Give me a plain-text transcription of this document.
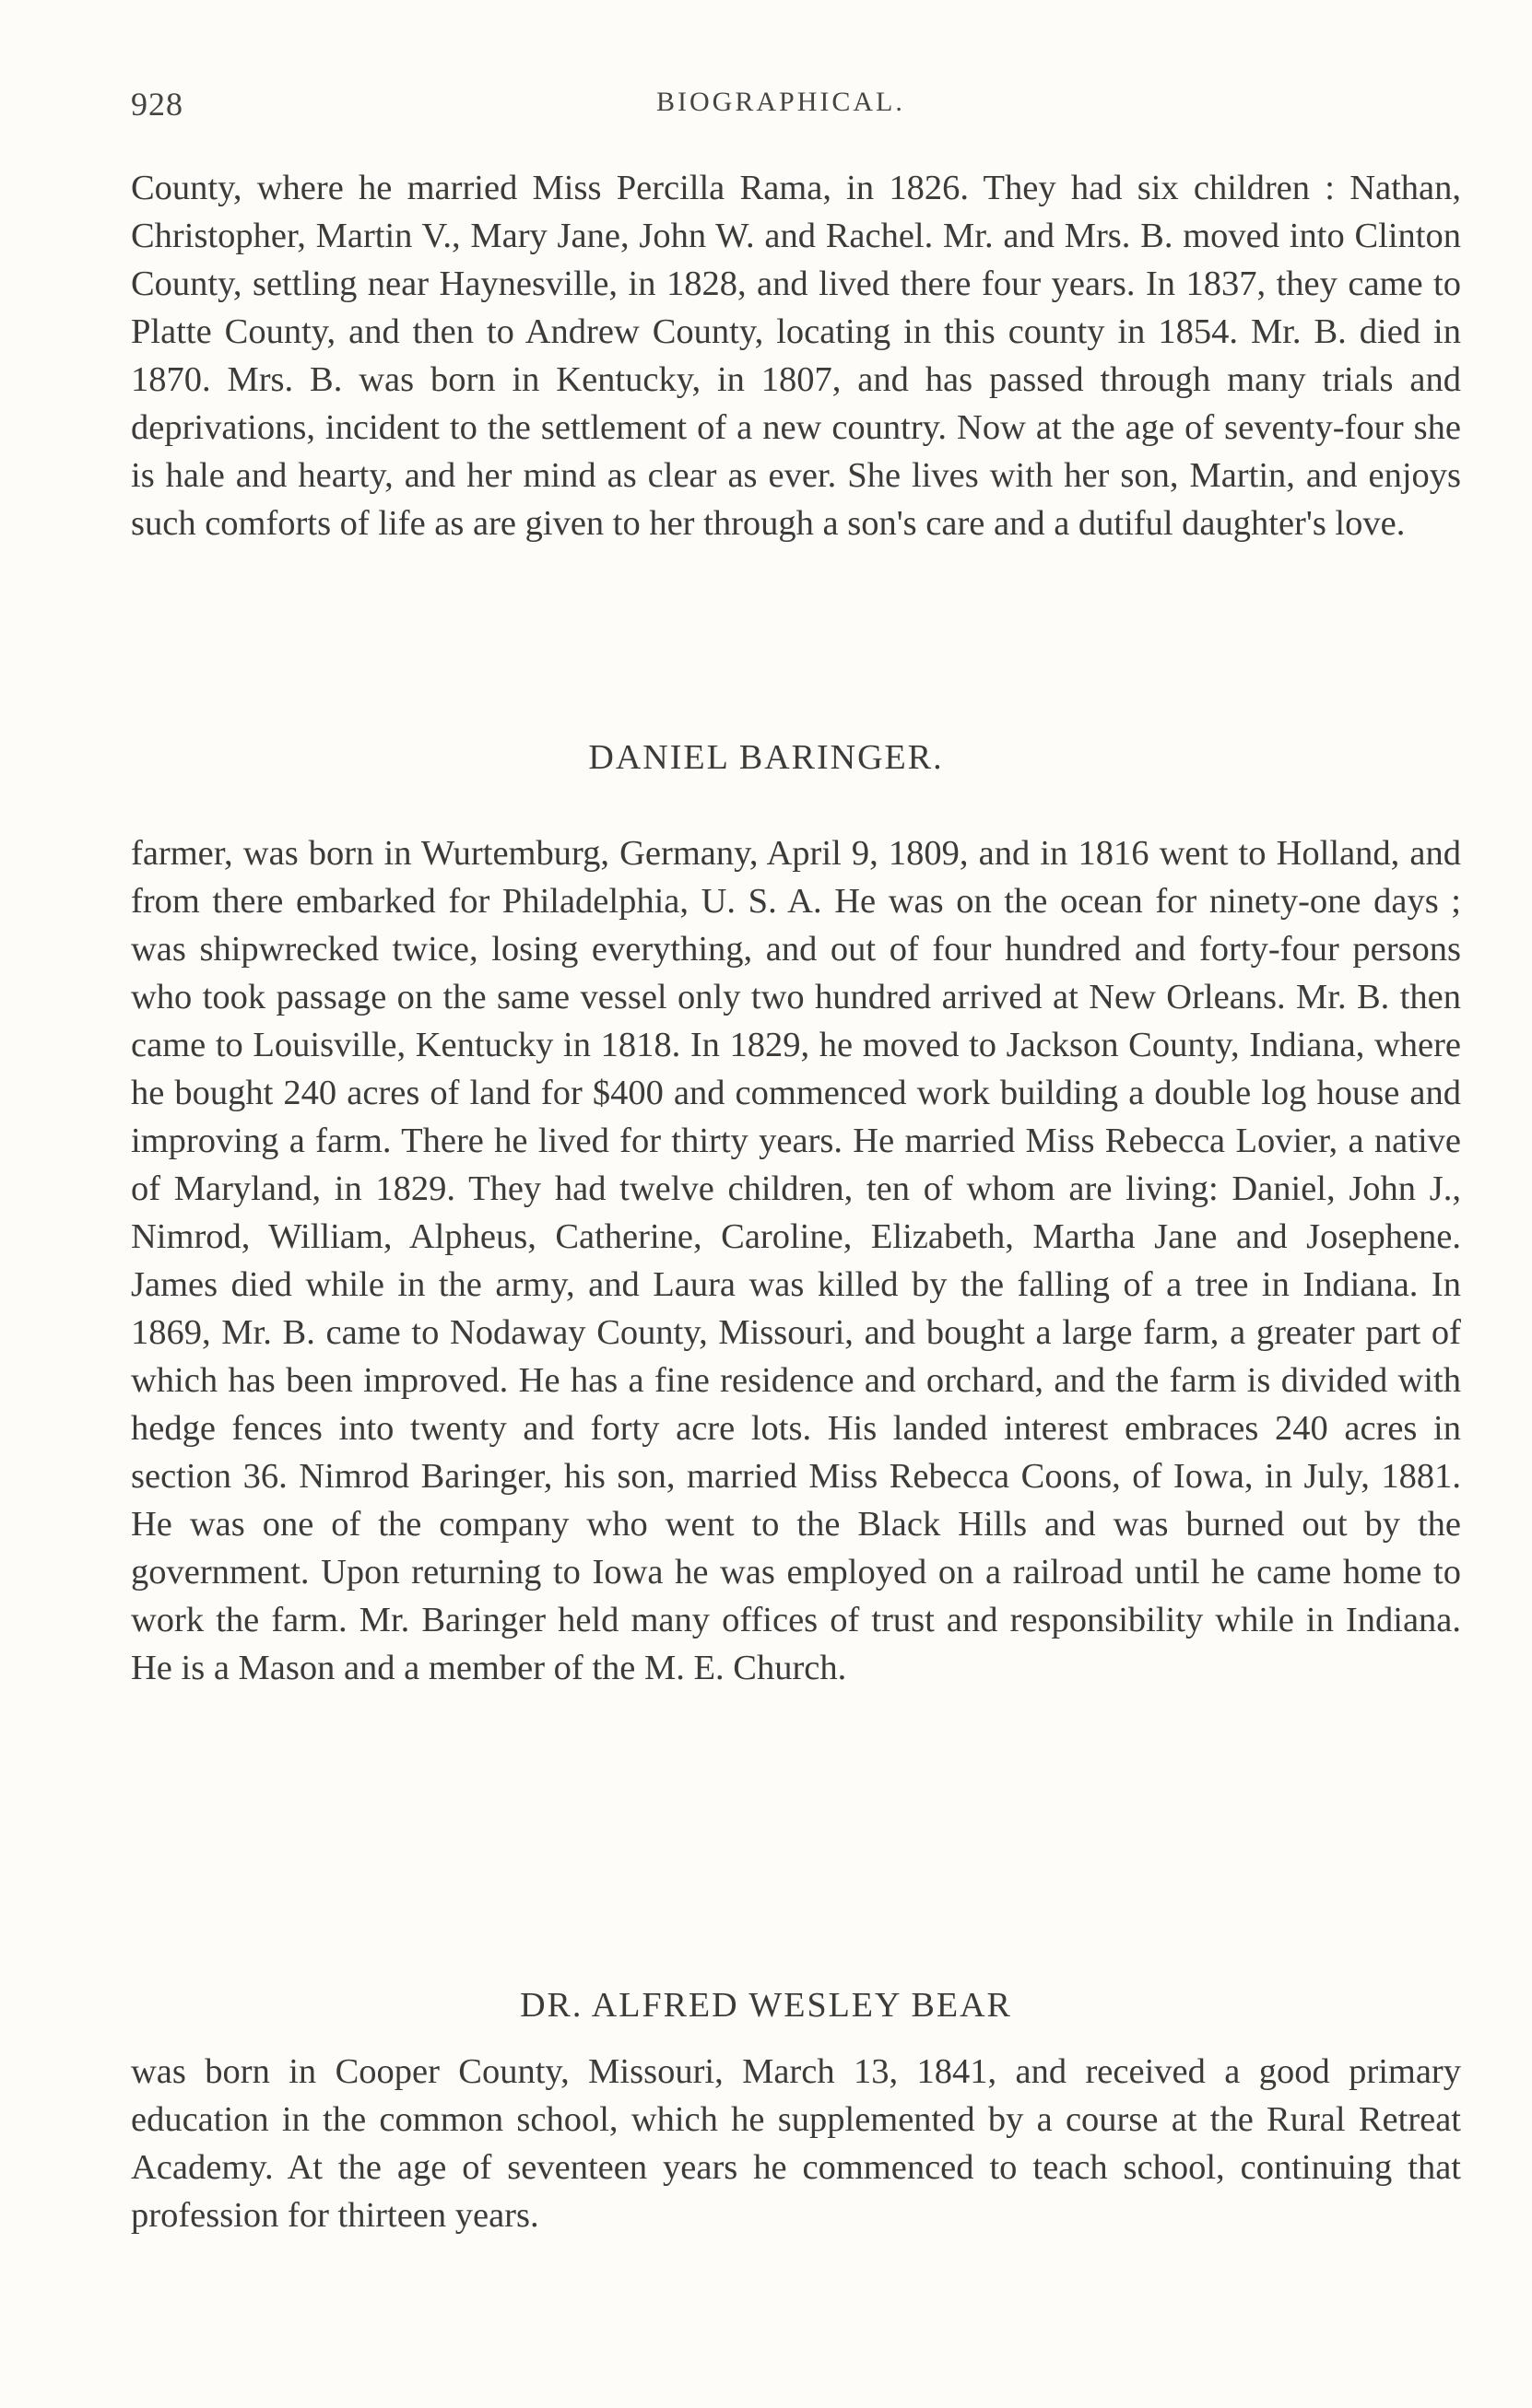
928	BIOGRAPHICAL.

County, where he married Miss Percilla Rama, in 1826. They had six children : Nathan, Christopher, Martin V., Mary Jane, John W. and Rachel. Mr. and Mrs. B. moved into Clinton County, settling near Haynesville, in 1828, and lived there four years. In 1837, they came to Platte County, and then to Andrew County, locating in this county in 1854. Mr. B. died in 1870. Mrs. B. was born in Kentucky, in 1807, and has passed through many trials and deprivations, incident to the settlement of a new country. Now at the age of seventy-four she is hale and hearty, and her mind as clear as ever. She lives with her son, Martin, and enjoys such comforts of life as are given to her through a son's care and a dutiful daughter's love.

DANIEL BARINGER.

farmer, was born in Wurtemburg, Germany, April 9, 1809, and in 1816 went to Holland, and from there embarked for Philadelphia, U. S. A. He was on the ocean for ninety-one days ; was shipwrecked twice, losing everything, and out of four hundred and forty-four persons who took passage on the same vessel only two hundred arrived at New Orleans. Mr. B. then came to Louisville, Kentucky in 1818. In 1829, he moved to Jackson County, Indiana, where he bought 240 acres of land for $400 and commenced work building a double log house and improving a farm. There he lived for thirty years. He married Miss Rebecca Lovier, a native of Maryland, in 1829. They had twelve children, ten of whom are living: Daniel, John J., Nimrod, William, Alpheus, Catherine, Caroline, Elizabeth, Martha Jane and Josephene. James died while in the army, and Laura was killed by the falling of a tree in Indiana. In 1869, Mr. B. came to Nodaway County, Missouri, and bought a large farm, a greater part of which has been improved. He has a fine residence and orchard, and the farm is divided with hedge fences into twenty and forty acre lots. His landed interest embraces 240 acres in section 36. Nimrod Baringer, his son, married Miss Rebecca Coons, of Iowa, in July, 1881. He was one of the company who went to the Black Hills and was burned out by the government. Upon returning to Iowa he was employed on a railroad until he came home to work the farm. Mr. Baringer held many offices of trust and responsibility while in Indiana. He is a Mason and a member of the M. E. Church.

DR. ALFRED WESLEY BEAR

was born in Cooper County, Missouri, March 13, 1841, and received a good primary education in the common school, which he supplemented by a course at the Rural Retreat Academy. At the age of seventeen years he commenced to teach school, continuing that profession for thirteen years.
